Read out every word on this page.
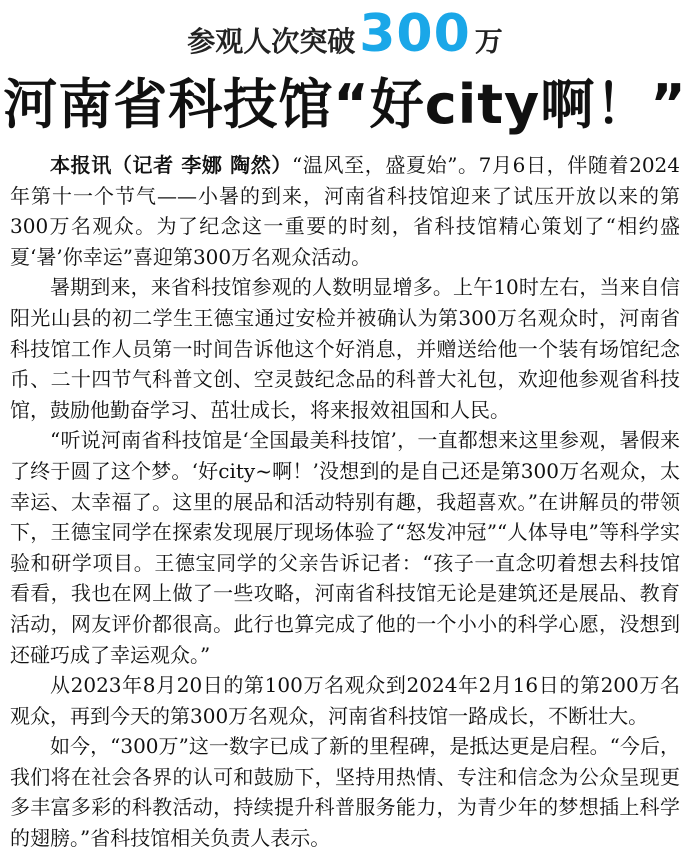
参观人次突破300 万
河南省科技馆“好city啊！”

本报讯（记者 李娜 陶然）“温风至，盛夏始”。7月6日，伴随着2024年第十一个节气——小暑的到来，河南省科技馆迎来了试压开放以来的第300万名观众。为了纪念这一重要的时刻，省科技馆精心策划了“相约盛夏‘暑’你幸运”喜迎第300万名观众活动。

暑期到来，来省科技馆参观的人数明显增多。上午10时左右，当来自信阳光山县的初二学生王德宝通过安检并被确认为第300万名观众时，河南省科技馆工作人员第一时间告诉他这个好消息，并赠送给他一个装有场馆纪念币、二十四节气科普文创、空灵鼓纪念品的科普大礼包，欢迎他参观省科技馆，鼓励他勤奋学习、茁壮成长，将来报效祖国和人民。

“听说河南省科技馆是‘全国最美科技馆’，一直都想来这里参观，暑假来了终于圆了这个梦。‘好city~啊！’没想到的是自己还是第300万名观众，太幸运、太幸福了。这里的展品和活动特别有趣，我超喜欢。”在讲解员的带领下，王德宝同学在探索发现展厅现场体验了“怒发冲冠”“人体导电”等科学实验和研学项目。王德宝同学的父亲告诉记者：“孩子一直念叨着想去科技馆看看，我也在网上做了一些攻略，河南省科技馆无论是建筑还是展品、教育活动，网友评价都很高。此行也算完成了他的一个小小的科学心愿，没想到还碰巧成了幸运观众。”

从2023年8月20日的第100万名观众到2024年2月16日的第200万名观众，再到今天的第300万名观众，河南省科技馆一路成长，不断壮大。

如今，“300万”这一数字已成了新的里程碑，是抵达更是启程。“今后，我们将在社会各界的认可和鼓励下，坚持用热情、专注和信念为公众呈现更多丰富多彩的科教活动，持续提升科普服务能力，为青少年的梦想插上科学的翅膀。”省科技馆相关负责人表示。
